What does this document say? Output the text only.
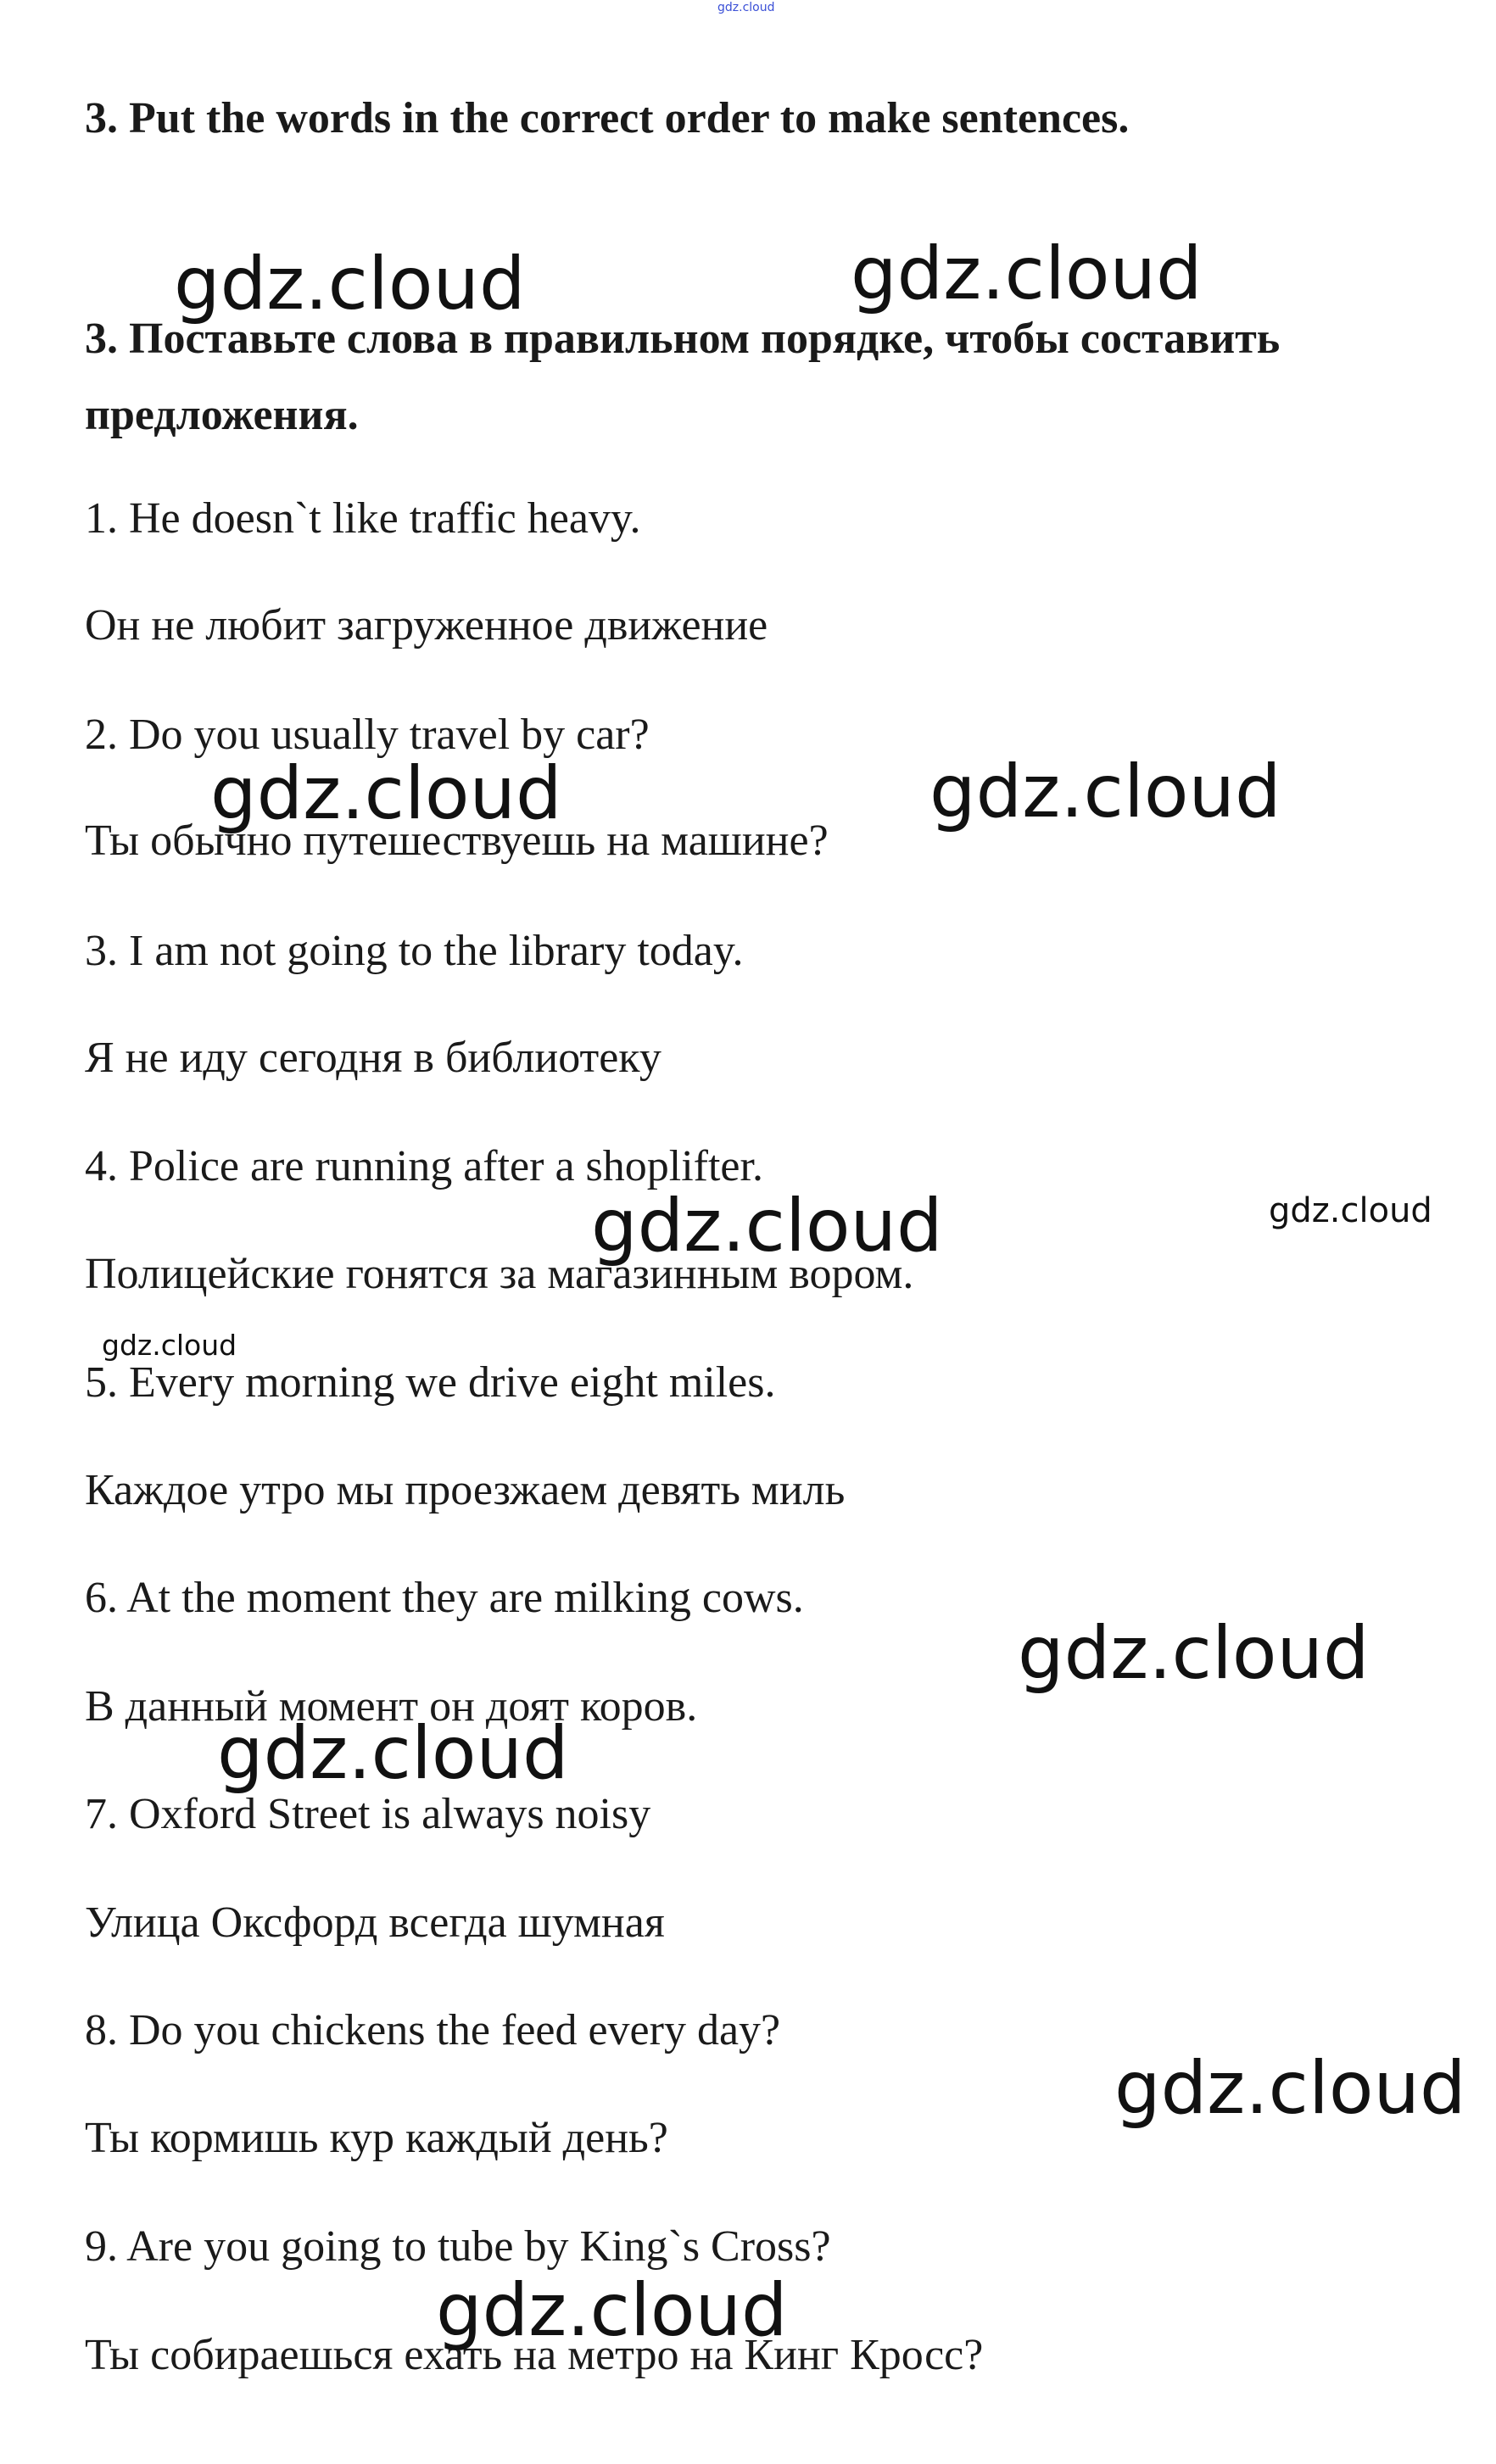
gdz.cloud

3. Put the words in the correct order to make sentences.

3. Поставьте слова в правильном порядке, чтобы составить предложения.

1. He doesn`t like traffic heavy.

Он не любит загруженное движение

2. Do you usually travel by car?

Ты обычно путешествуешь на машине?

3. I am not going to the library today.

Я не иду сегодня в библиотеку

4. Police are running after a shoplifter.

Полицейские гонятся за магазинным вором.

5. Every morning we drive eight miles.

Каждое утро мы проезжаем девять миль

6. At the moment they are milking cows.

В данный момент он доят коров.

7. Oxford Street is always noisy

Улица Оксфорд всегда шумная

8. Do you chickens the feed every day?

Ты кормишь кур каждый день?

9. Are you going to tube by King`s Cross?

Ты собираешься ехать на метро на Кинг Кросс?

gdz.cloud	gdz.cloud
gdz.cloud	gdz.cloud
gdz.cloud	gdz.cloud
gdz.cloud
gdz.cloud
gdz.cloud
gdz.cloud
gdz.cloud
